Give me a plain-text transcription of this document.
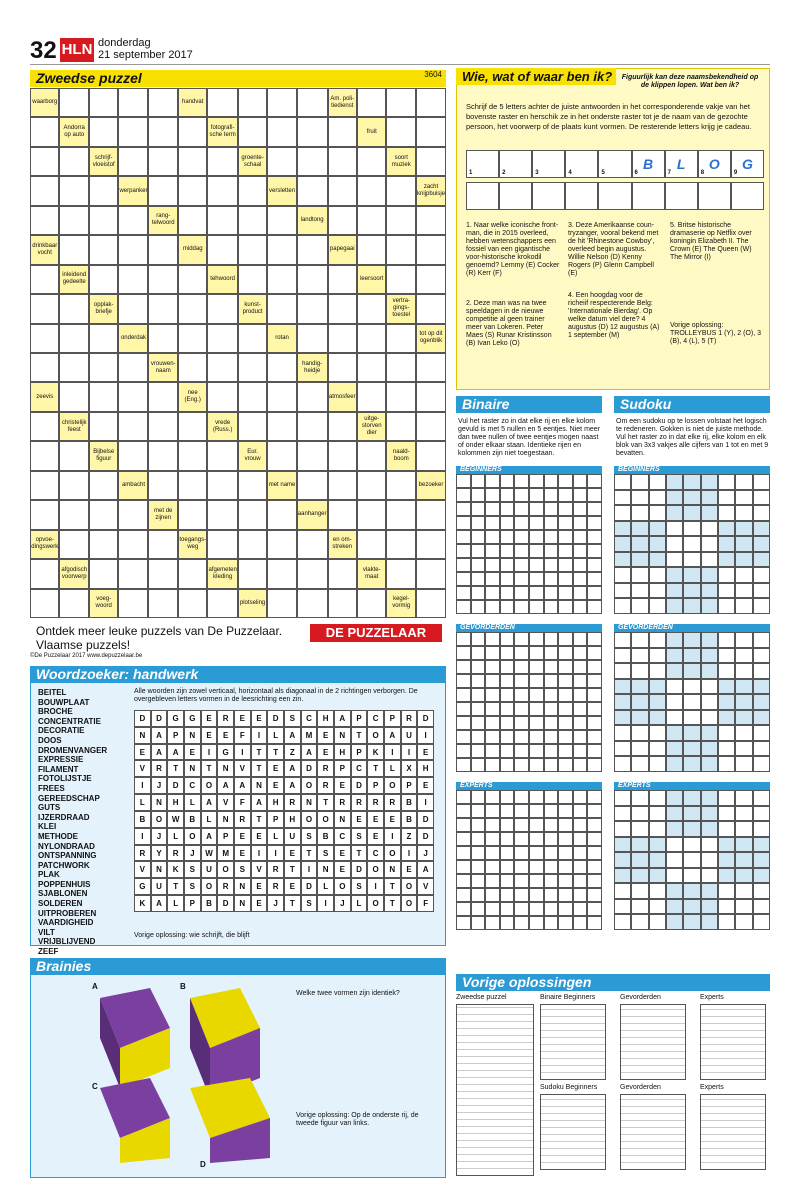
32 HLN donderdag
21 september 2017
Zweedse puzzel	3604
waarborg	handvat
Am. poli-tiedienst
Andorra op auto
fotografi-sche term
fruit
schrijf-vloeistof
groente-schaal
soort muziek
werpanker	versletten
zacht knijpbuisje
rang-telwoord
landtong
drinkbaar vocht
middag	papegaai
inleidend gedeelte
tehwoord	leersoort
opplak-briefje
kunst-product
vertra-gings-toestel
onderdak	rotan
tot op dit ogenblik
vrouwen-naam
handig-heidje
zeevis
nee (Eng.)
atmosfeer
christelijk feest
vrede (Russ.)
uitge-storven dier
Bijbelse figuur
Eur. vrouw
naald-boom
ambacht	met name	bezoeker
met de zijnen
aanhanger
opvoe-dingswerk
toegangs-weg
en om-streken
afgodisch voorwerp
afgemeten kleding
vlakte-maat
voeg-woord
plotseling
kegel-vormig
Ontdek meer leuke puzzels van De Puzzelaar.
Vlaamse puzzels!
DE PUZZELAAR
©De Puzzelaar 2017 www.depuzzelaar.be
Wie, wat of waar ben ik?	Figuurlijk kan deze naamsbekendheid op de klippen lopen. Wat ben ik?
Schrijf de 5 letters achter de juiste antwoorden in het corresponderende vakje van het bovenste raster en herschik ze in het onderste raster tot je de naam van de gezochte persoon, het voorwerp of de plaats kunt vormen. De resterende letters krijg je cadeau.
1	2	3	4	5	6
B
7
L
8
O
9
G
1. Naar welke iconische front-man, die in 2015 overleed, hebben wetenschappers een fossiel van een gigantische voor-historische krokodil genoemd? Lemmy (E) Cocker (R) Kerr (F)
2. Deze man was na twee speeldagen in de nieuwe competitie al geen trainer meer van Lokeren. Peter Maes (S) Runar Kristinsson (B) Ivan Leko (O)
3. Deze Amerikaanse coun-tryzanger, vooral bekend met de hit 'Rhinestone Cowboy', overleed begin augustus. Willie Nelson (D) Kenny Rogers (P) Glenn Campbell (E)
4. Een hoogdag voor de richeiif respecterende Belg: 'Internationale Bierdag'. Op welke datum viel dere? 4 augustus (D) 12 augustus (A) 1 september (M)
5. Britse historische dramaserie op Netflix over koningin Elizabeth II. The Crown (E) The Queen (W) The Mirror (I)
Vorige oplossing: TROLLEYBUS 1 (Y), 2 (O), 3 (B), 4 (L), 5 (T)
Binaire
Vul het raster zo in dat elke rij en elke kolom gevuld is met 5 nullen en 5 eentjes. Niet meer dan twee nullen of twee eentjes mogen naast of onder elkaar staan. Identieke rijen en kolommen zijn niet toegestaan.
BEGINNERS
GEVORDERDEN
EXPERTS
Sudoku
Om een sudoku op te lossen volstaat het logisch te redeneren. Gokken is niet de juiste methode. Vul het raster zo in dat elke rij, elke kolom en elk blok van 3x3 vakjes alle cijfers van 1 tot en met 9 bevatten.
BEGINNERS
GEVORDERDEN
EXPERTS
Woordzoeker: handwerk
BEITEL
BOUWPLAAT
BROCHE
CONCENTRATIE
DECORATIE
DOOS
DROMENVANGER
EXPRESSIE
FILAMENT
FOTOLIJSTJE
FREES
GEREEDSCHAP
GUTS
IJZERDRAAD
KLEI
METHODE
NYLONDRAAD
ONTSPANNING
PATCHWORK
PLAK
POPPENHUIS
SJABLONEN
SOLDEREN
UITPROBEREN
VAARDIGHEID
VILT
VRIJBLIJVEND
ZEEF
Alle woorden zijn zowel verticaal, horizontaal als diagonaal in de 2 richtingen verborgen. De overgebleven letters vormen in de leesrichting een zin.
D	D	G	G	E	R	E	E	D	S	C	H	A	P	C	P	R	D
N	A	P	N	E	E	F	I	L	A	M	E	N	T	O	A	U	I
E	A	A	E	I	G	I	T	T	Z	A	E	H	P	K	I	I	E
V	R	T	N	T	N	V	T	E	A	D	R	P	C	T	L	X	H
I	J	D	C	O	A	A	N	E	A	O	R	E	D	P	O	P	E
L	N	H	L	A	V	F	A	H	R	N	T	R	R	R	R	B	I
B	O	W	B	L	N	R	T	P	H	O	O	N	E	E	E	B	D
I	J	L	O	A	P	E	E	L	U	S	B	C	S	E	I	Z	D
R	Y	R	J	W	M	E	I	I	E	T	S	E	T	C	O	I	J
V	N	K	S	U	O	S	V	R	T	I	N	E	D	O	N	E	A
G	U	T	S	O	R	N	E	R	E	D	L	O	S	I	T	O	V
K	A	L	P	B	D	N	E	J	T	S	I	J	L	O	T	O	F
Vorige oplossing: wie schrijft, die blijft
Brainies
A	B
C
D
Welke twee vormen zijn identiek?
Vorige oplossing: Op de onderste rij, de tweede figuur van links.
Vorige oplossingen
Zweedse puzzel	Binaire Beginners	Gevorderden	Experts
Sudoku Beginners	Gevorderden	Experts
